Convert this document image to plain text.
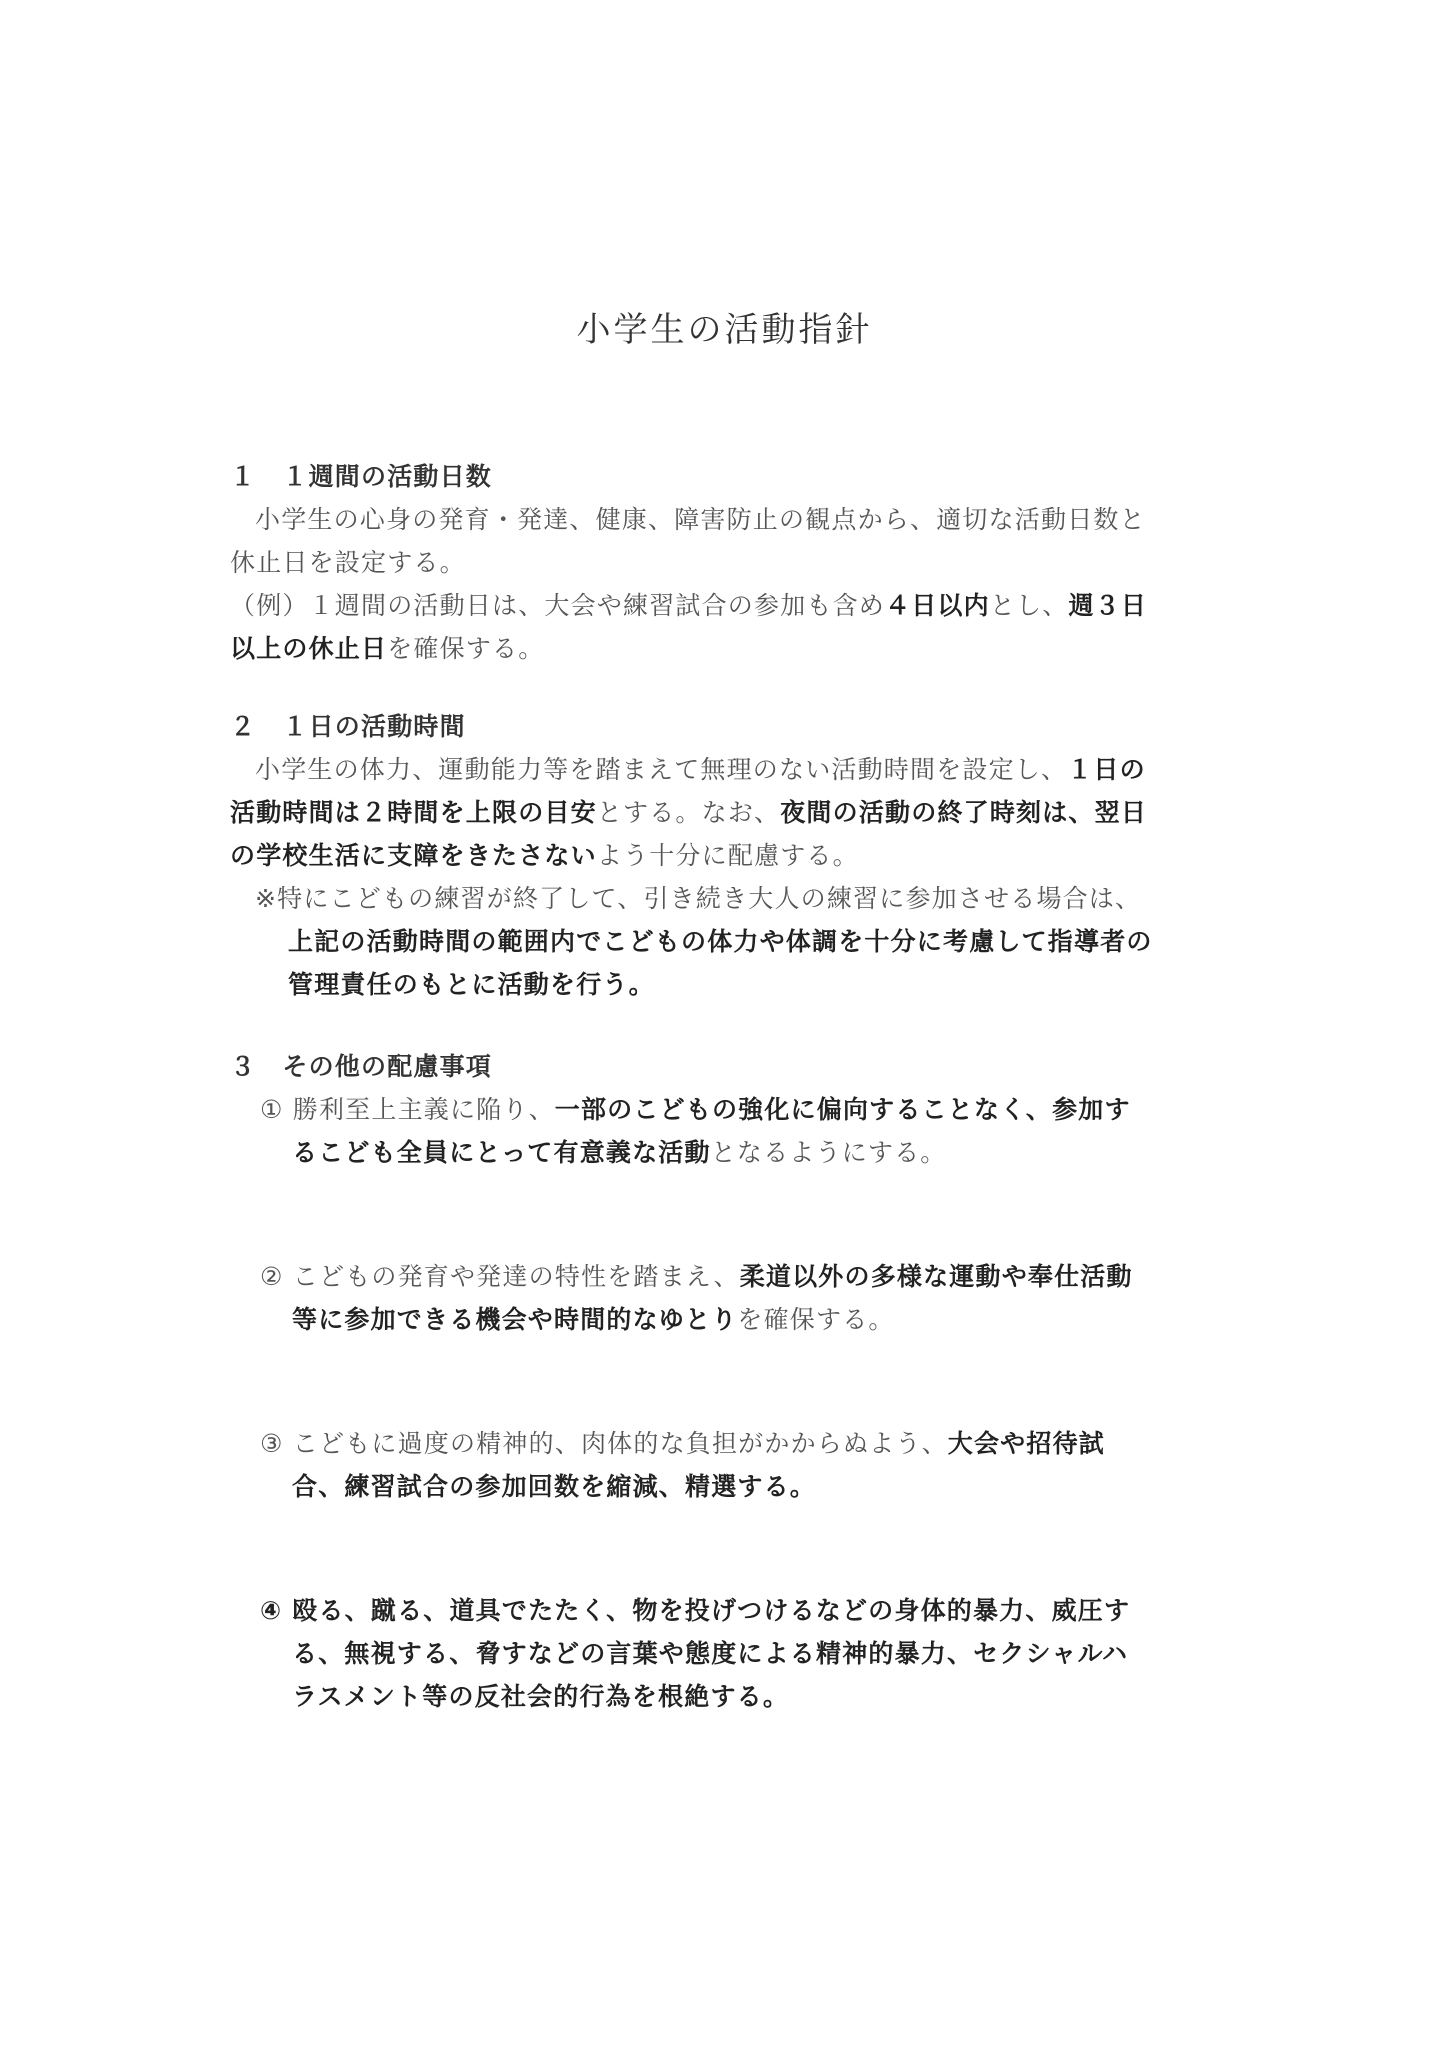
小学生の活動指針
１　１週間の活動日数
小学生の心身の発育・発達、健康、障害防止の観点から、適切な活動日数と
休止日を設定する。
（例）１週間の活動日は、大会や練習試合の参加も含め４日以内とし、週３日
以上の休止日を確保する。
２　１日の活動時間
小学生の体力、運動能力等を踏まえて無理のない活動時間を設定し、１日の
活動時間は２時間を上限の目安とする。なお、夜間の活動の終了時刻は、翌日
の学校生活に支障をきたさないよう十分に配慮する。
※特にこどもの練習が終了して、引き続き大人の練習に参加させる場合は、
上記の活動時間の範囲内でこどもの体力や体調を十分に考慮して指導者の
管理責任のもとに活動を行う。
３　その他の配慮事項
① 勝利至上主義に陥り、一部のこどもの強化に偏向することなく、参加す
るこども全員にとって有意義な活動となるようにする。
② こどもの発育や発達の特性を踏まえ、柔道以外の多様な運動や奉仕活動
等に参加できる機会や時間的なゆとりを確保する。
③ こどもに過度の精神的、肉体的な負担がかからぬよう、大会や招待試
合、練習試合の参加回数を縮減、精選する。
④ 殴る、蹴る、道具でたたく、物を投げつけるなどの身体的暴力、威圧す
る、無視する、脅すなどの言葉や態度による精神的暴力、セクシャルハ
ラスメント等の反社会的行為を根絶する。
